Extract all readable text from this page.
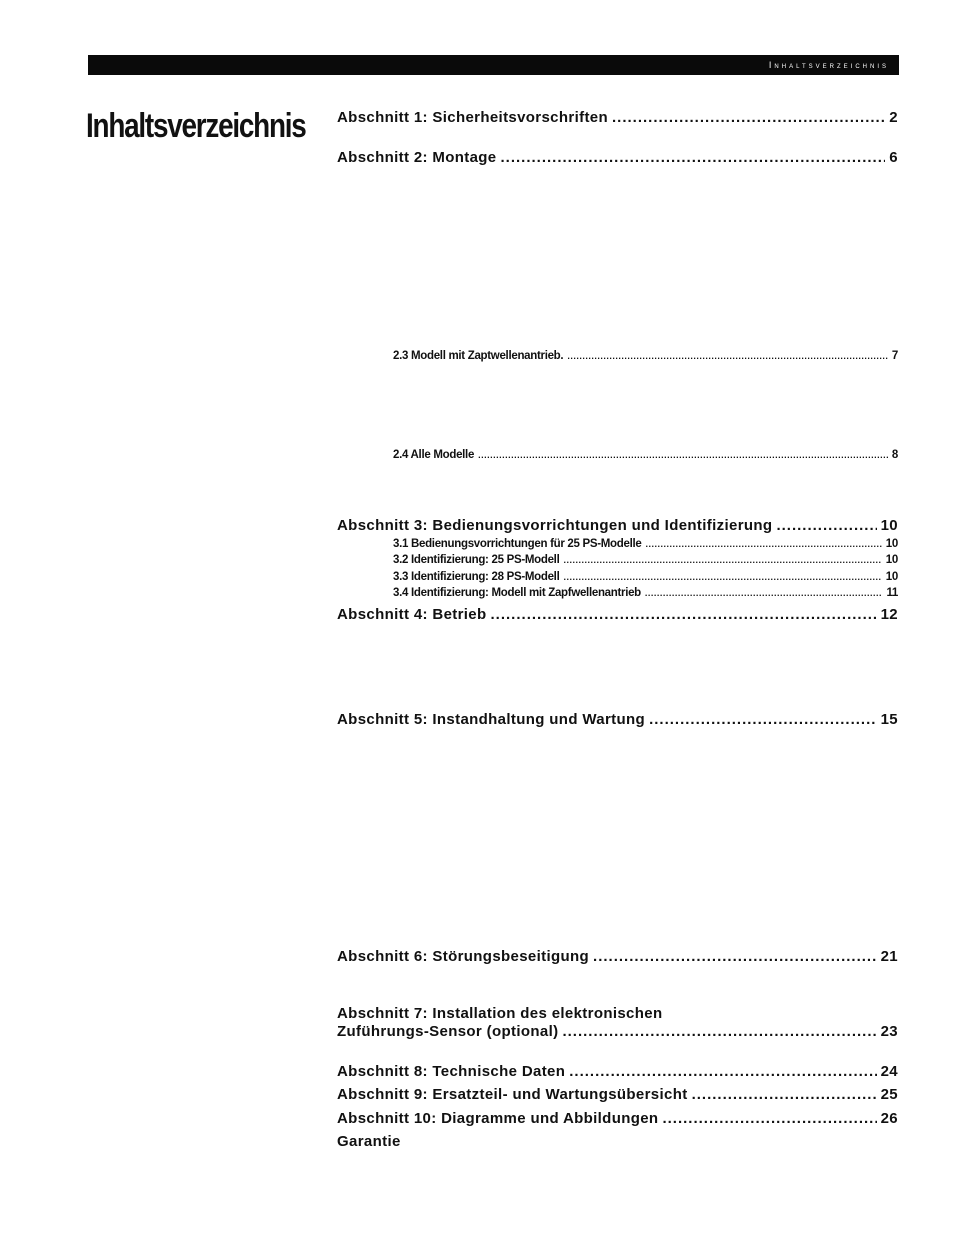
Inhaltsverzeichnis
Inhaltsverzeichnis Abschnitt 1: Sicherheitsvorschriften .....	2
Abschnitt 2: Montage .....	6
2.3 Modell mit Zaptwellenantrieb. .....	7
2.4 Alle Modelle .....	8
Abschnitt 3: Bedienungsvorrichtungen und Identifizierung .....	10
3.1 Bedienungsvorrichtungen für 25 PS-Modelle .....	10
3.2 Identifizierung: 25 PS-Modell .....	10
3.3 Identifizierung: 28 PS-Modell .....	10
3.4 Identifizierung: Modell mit Zapfwellenantrieb .....	11
Abschnitt 4: Betrieb .....	12
Abschnitt 5: Instandhaltung und Wartung .....	15
Abschnitt 6: Störungsbeseitigung .....	21
Abschnitt 7: Installation des elektronischen
Zuführungs-Sensor (optional) .....	23
Abschnitt 8: Technische Daten .....	24
Abschnitt 9: Ersatzteil- und Wartungsübersicht .....	25
Abschnitt 10: Diagramme und Abbildungen .....	26
Garantie
